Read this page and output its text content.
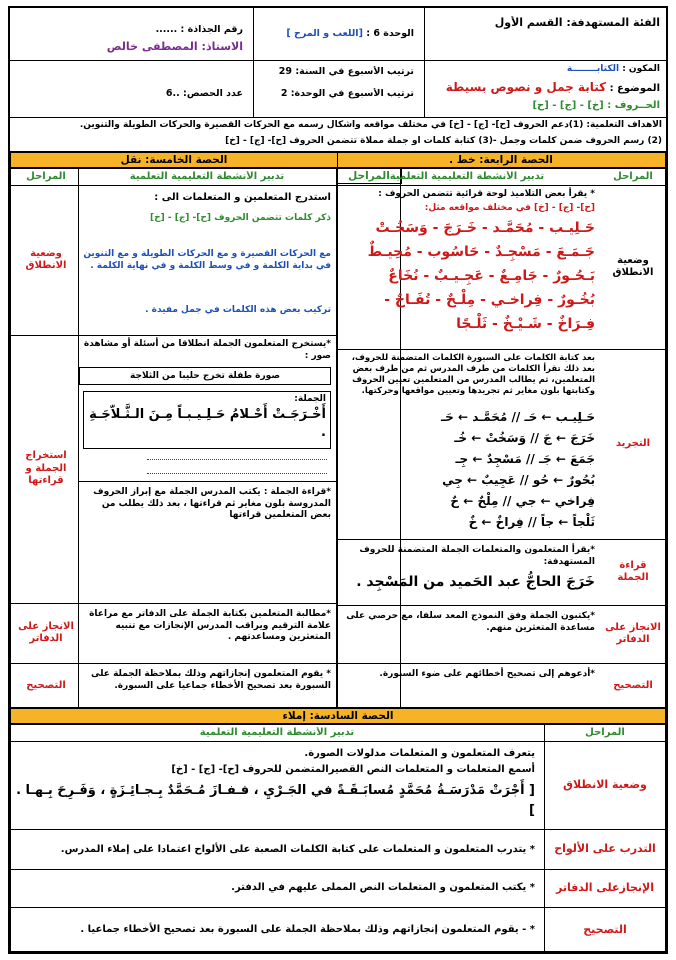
الفئة المستهدفة: القسم الأول
المكون : الكتابــــــــة
الموضوع : كتابة جمل و نصوص بسيطة
الحــروف : [خ] - [ج] - [ح]
الوحدة 6 : [اللعب و المرح ]
ترتيب الأسبوع في السنة: 29
ترتيب الأسبوع في الوحدة: 2
رقم الجذاذة : ......
الاستاذ: المصطفى خالص
عدد الحصص: ..6
الأهداف التعلمية: (1)دعم الحروف [ح]- [ج] - [خ] في مختلف مواقعه وأشكال رسمه مع الحركات القصيرة والحركات الطويلة والتنوين.
(2) رسم الحروف ضمن كلمات وجمل -(3) كتابة كلمات أو جملة مملاة تتضمن الحروف [ح]- [ج] - [خ]
الحصة الرابعة: خط .
الحصة الخامسة: نقل
المراحل	المراحل
تدبير الأنشطة التعليمية التعلمية
وضعية الانطلاق
* يقرأ بعض التلاميذ لوحة قرائية تتضمن الحروف :
[ح]- [ج] - [خ] في مختلف مواقعه مثل:
حَـلِيـب - مُحَمَّـد - خَـرَجَ - وَسَخُـتْ
جَـمَـعَ - مَسْجِـدٌ - حَاسُوب - مُحِيـطٌ
بَـحُـورٌ - جَامِـعٌ - عَجِـيـبٌ - نُخَاعٌ
بُخُـورٌ - فِراخـي - مِلْـحٌ - تُفَـاحٌ -
فِـرَاخٌ - شَـيْـخٌ - ثَلْـجًا
التجريد
بعد كتابة الكلمات على السبورة الكلمات المتضمنة للحروف، بعد ذلك تقرأ الكلمات من طرف المدرس ثم من طرف بعض المتعلمين، ثم يطالب المدرس من المتعلمين تعيين الحروف وكتابتها بلون مغاير ثم تجريدها وتعيين مواقعها وحركتها.
حَـلِيـب ← حَـ // مُحَمَّـد ← حَـ
خَرَجَ ← جَ // وَسَخُتْ ← خُـ
جَمَعَ ← جَـ // مَسْجِدٌ ← جِـ
بُحُورٌ ← حُو // عَجِيبٌ ← جِي
فِراخي ← جي // مِلْحٌ ← حٌ
ثَلْجاً ← جاً // فِراخٌ ← خٌ
قراءة الجملة
*يقرأ المتعلمون والمتعلمات الجملة المتضمنة للحروف المستهدفة:
خَرَجَ الحاجُّ عبد الحَميد من المَسْجِد .
الانجاز على الدفاتر
*يكتبون الجملة وفق النموذج المعد سلفا، مع حرصي على مساعدة المتعثرين منهم.
التصحيح
*أدعوهم إلى تصحيح أخطائهم على ضوء السبورة.
تدبير الأنشطة التعليمية التعلمية
المراحل
وضعية الانطلاق
استدرج المتعلمين و المتعلمات الى :
ذكر كلمات تتضمن الحروف [ح]- [ج] - [خ]
مع الحركات القصيرة و مع الحركات الطويلة و مع التنوين في بداية الكلمة و في وسط الكلمة و في نهاية الكلمة .
تركيب بعض هذه الكلمات في جمل مفيدة .
استخراج الجملة و قراءتها
*يستخرج المتعلمون الجملة انطلاقا من أسئلة أو مشاهدة صور :
صورة طفلة تخرج حليبا من الثلاجة
الجملة:
أَخْـرَجَـتْ أَحْـلامُ حَـلِـيـبـاً مِـنَ الـثَّـلاّجَـةِ .
*قراءة الجملة : يكتب المدرس الجملة مع إبراز الحروف المدروسة بلون مغاير ثم قراءتها ، بعد ذلك يطلب من بعض المتعلمين قراءتها
الانجاز على الدفاتر
*مطالبة المتعلمين بكتابة الجملة على الدفاتر مع مراعاة علامة الترقيم ويراقب المدرس الإنجازات مع تنبيه المتعثرين ومساعدتهم .
التصحيح
* يقوم المتعلمون إنجازاتهم وذلك بملاحظة الجملة على السبورة بعد تصحيح الأخطاء جماعيا على السبورة.
الحصة السادسة: إملاء
المراحل
تدبير الأنشطة التعليمية التعلمية
وضعية الانطلاق
يتعرف المتعلمون و المتعلمات مدلولات الصورة.
أسمع المتعلمات و المتعلمات النص القصيرالمتضمن للحروف [ح]- [ج] - [خ]
[ أَجْرَتْ مَدْرَسَـةُ مُحَمَّدٍ مُسابَـقَـةً في الجَـرْيِ ، فـفـازَ مُـحَمَّدٌ بِـجـائِـزَةٍ ، وَفَـرِحَ بِـهـا . ]
التدرب على الألواح
* يتدرب المتعلمون و المتعلمات على كتابة الكلمات الصعبة على الألواح اعتمادا على إملاء المدرس.
الإنجازعلى الدفاتر
* يكتب المتعلمون و المتعلمات النص المملى عليهم في الدفتر.
التصحيح
* - يقوم المتعلمون إنجازاتهم وذلك بملاحظة الجملة على السبورة بعد تصحيح الأخطاء جماعيا .
